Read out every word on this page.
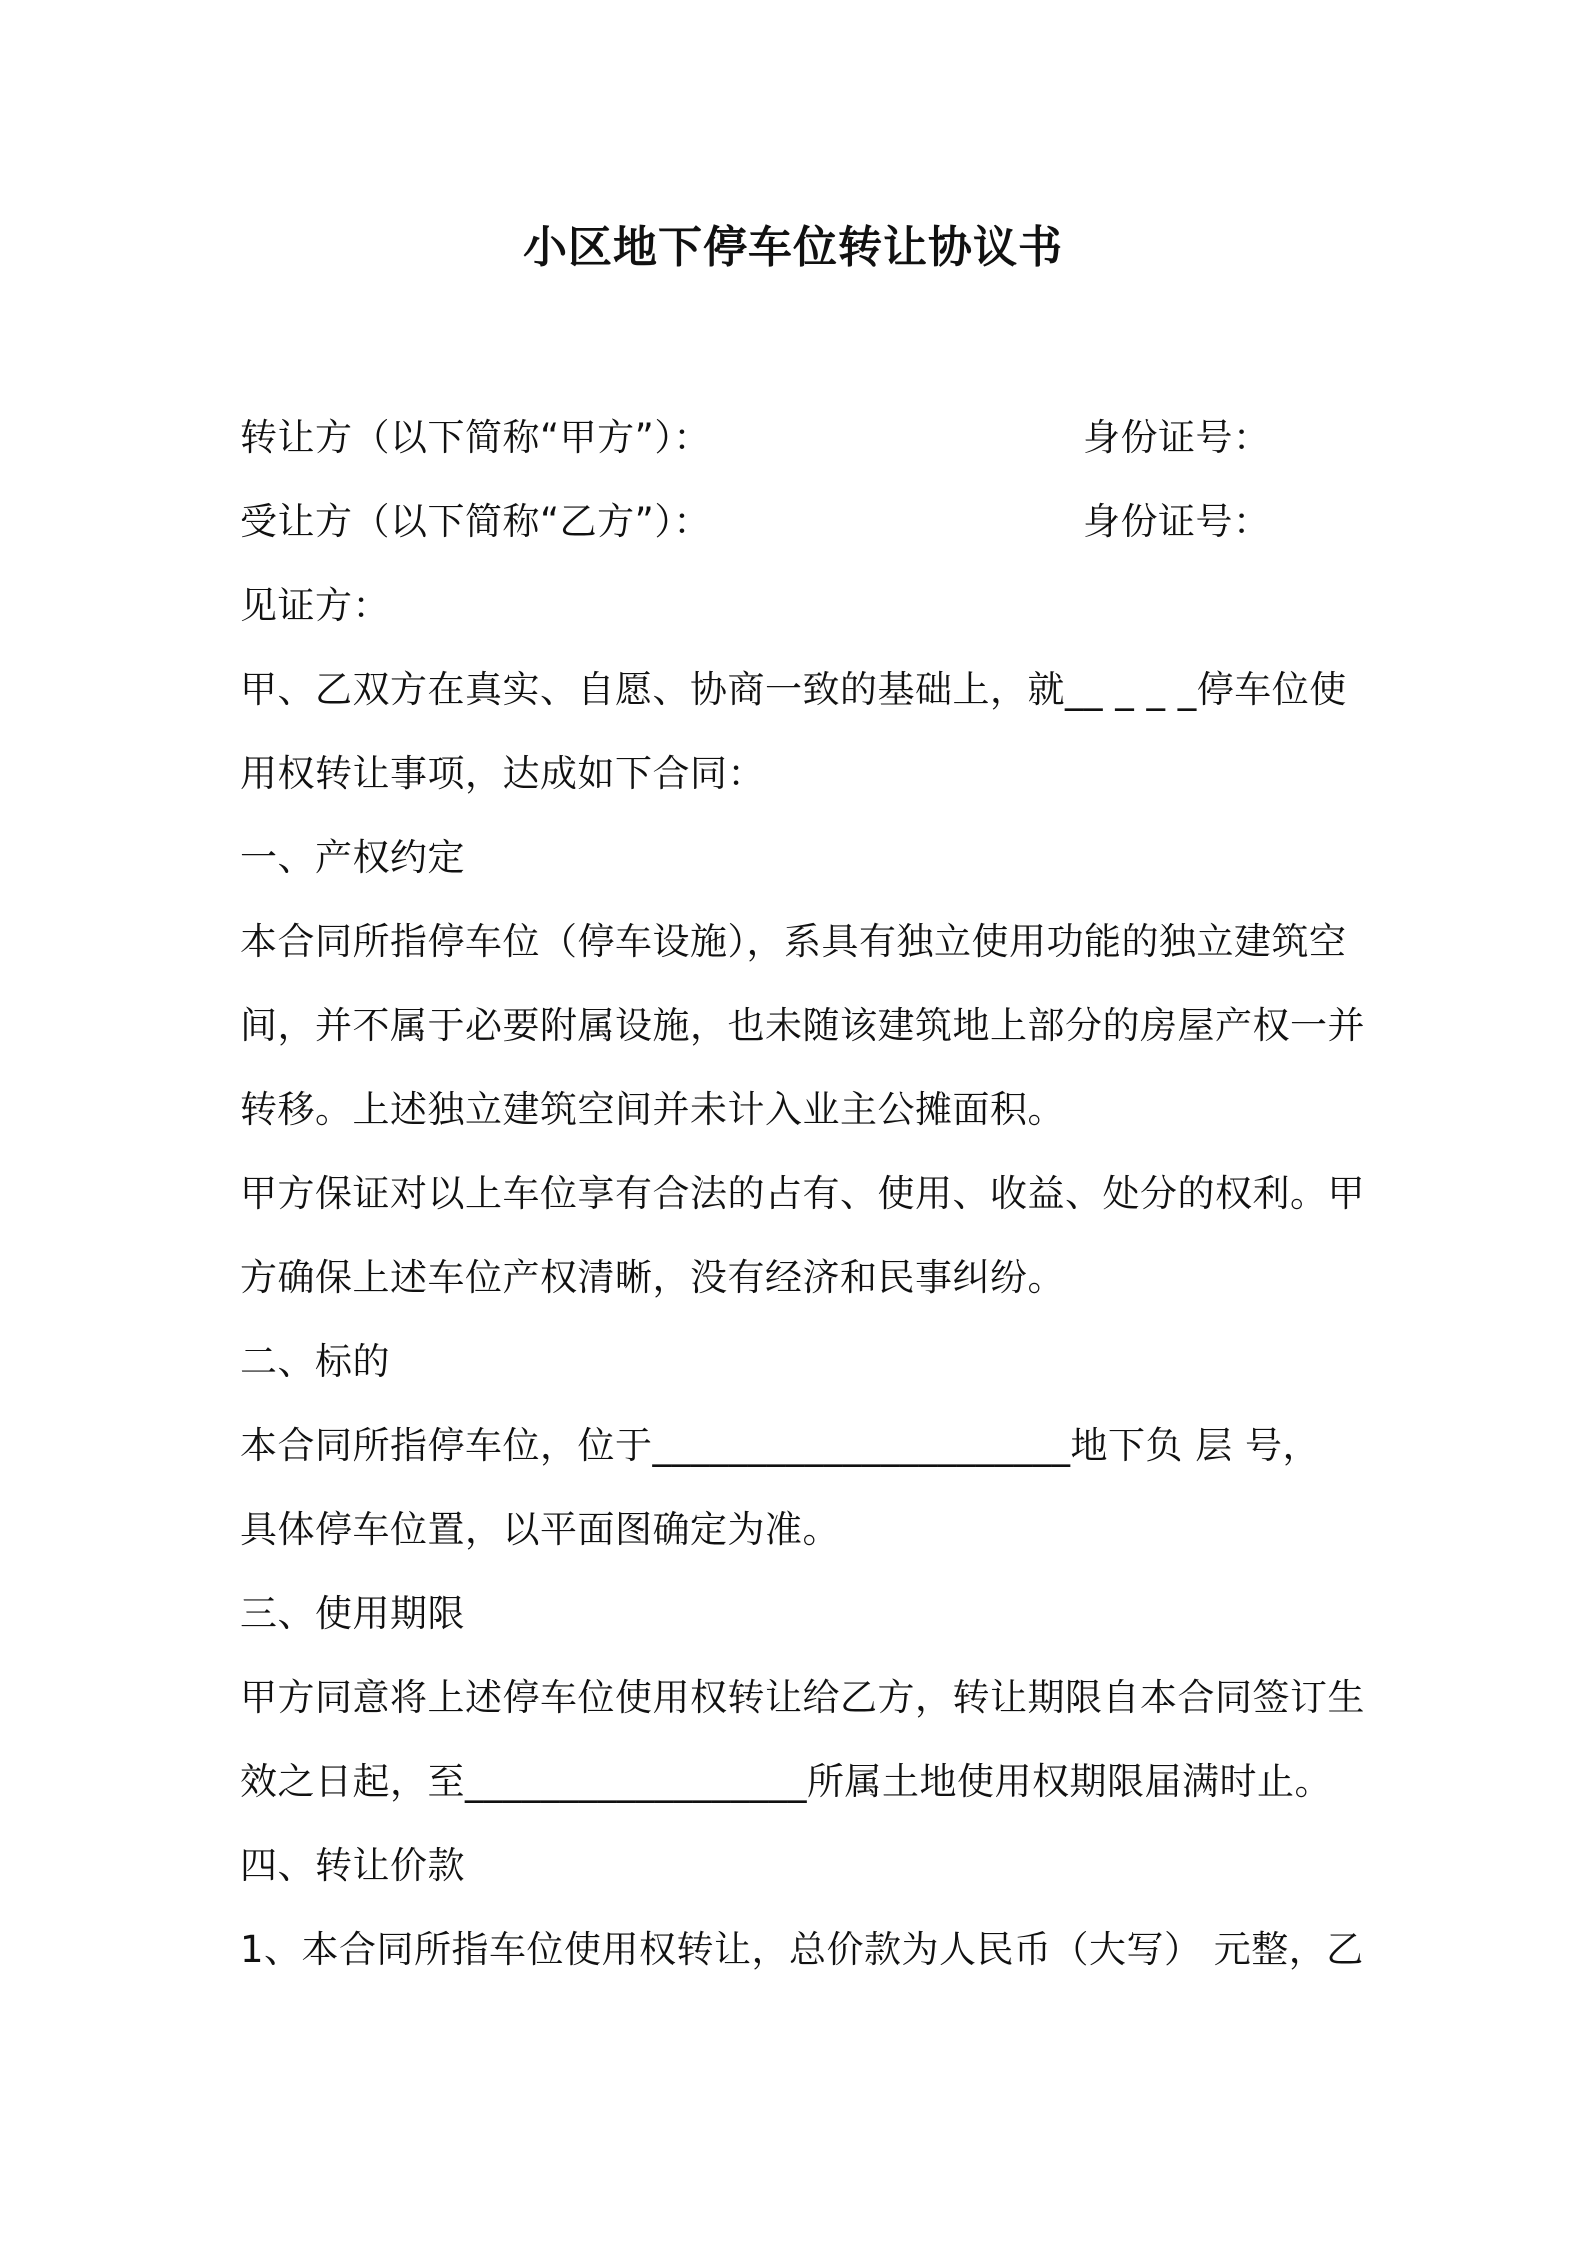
小区地下停车位转让协议书
转让方（以下简称“甲方”）：	身份证号：
受让方（以下简称“乙方”）：	身份证号：
见证方：
甲、乙双方在真实、自愿、协商一致的基础上，就__ _ _ _停车位使
用权转让事项，达成如下合同：
一、产权约定
本合同所指停车位（停车设施），系具有独立使用功能的独立建筑空
间，并不属于必要附属设施，也未随该建筑地上部分的房屋产权一并
转移。上述独立建筑空间并未计入业主公摊面积。
甲方保证对以上车位享有合法的占有、使用、收益、处分的权利。甲
方确保上述车位产权清晰，没有经济和民事纠纷。
二、标的
本合同所指停车位，位于______________________地下负 层 号，
具体停车位置，以平面图确定为准。
三、使用期限
甲方同意将上述停车位使用权转让给乙方，转让期限自本合同签订生
效之日起，至__________________所属土地使用权期限届满时止。
四、转让价款
1、本合同所指车位使用权转让，总价款为人民币（大写） 元整，乙
